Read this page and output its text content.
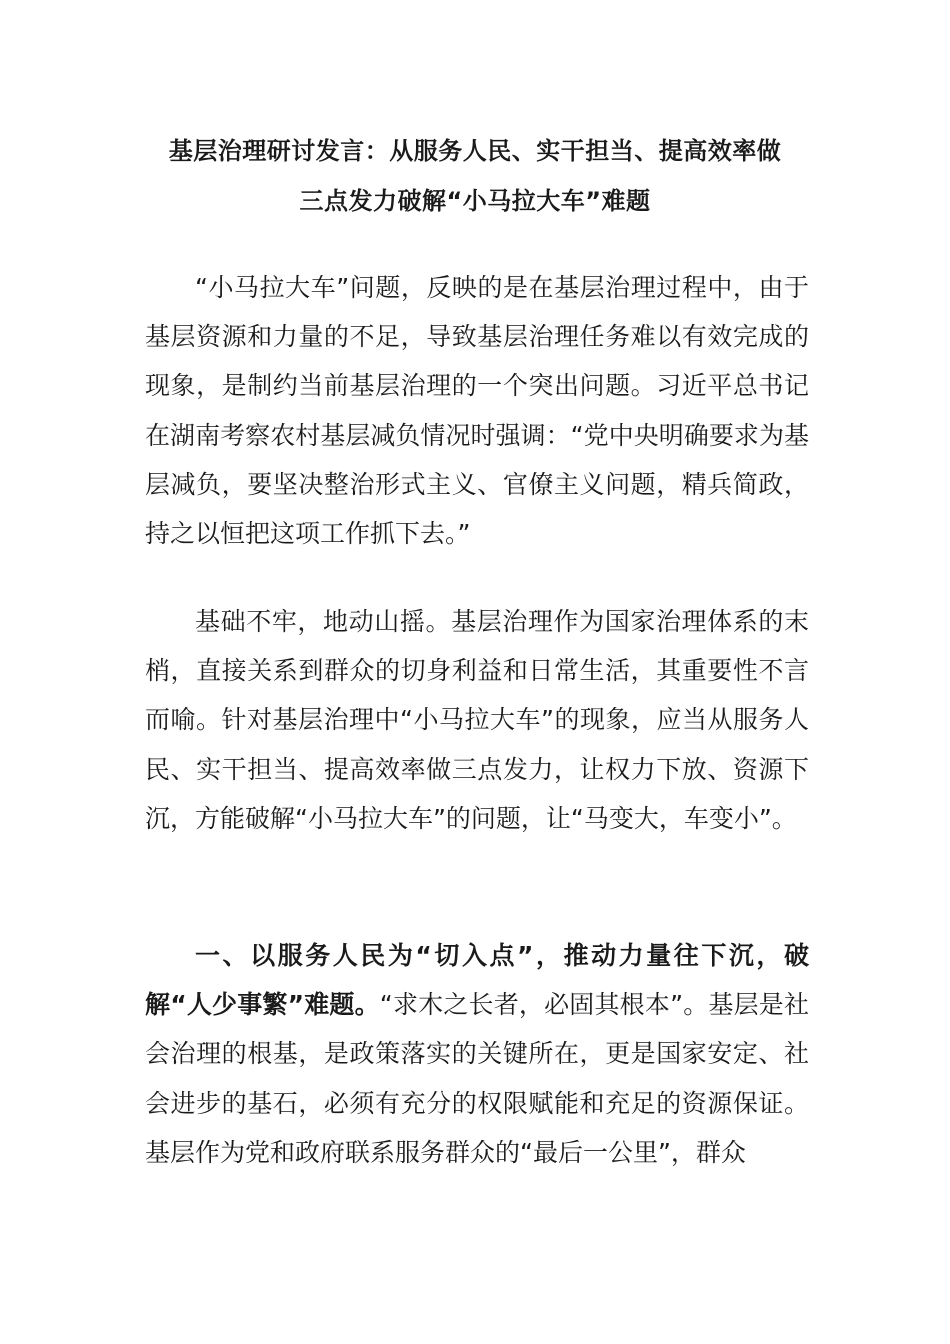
基层治理研讨发言：从服务人民、实干担当、提高效率做
三点发力破解“小马拉大车”难题

“小马拉大车”问题，反映的是在基层治理过程中，由于基层资源和力量的不足，导致基层治理任务难以有效完成的现象，是制约当前基层治理的一个突出问题。习近平总书记在湖南考察农村基层减负情况时强调：“党中央明确要求为基层减负，要坚决整治形式主义、官僚主义问题，精兵简政，持之以恒把这项工作抓下去。”

基础不牢，地动山摇。基层治理作为国家治理体系的末梢，直接关系到群众的切身利益和日常生活，其重要性不言而喻。针对基层治理中“小马拉大车”的现象，应当从服务人民、实干担当、提高效率做三点发力，让权力下放、资源下沉，方能破解“小马拉大车”的问题，让“马变大，车变小”。

一、以服务人民为“切入点”，推动力量往下沉，破解“人少事繁”难题。“求木之长者，必固其根本”。基层是社会治理的根基，是政策落实的关键所在，更是国家安定、社会进步的基石，必须有充分的权限赋能和充足的资源保证。基层作为党和政府联系服务群众的“最后一公里”，群众
